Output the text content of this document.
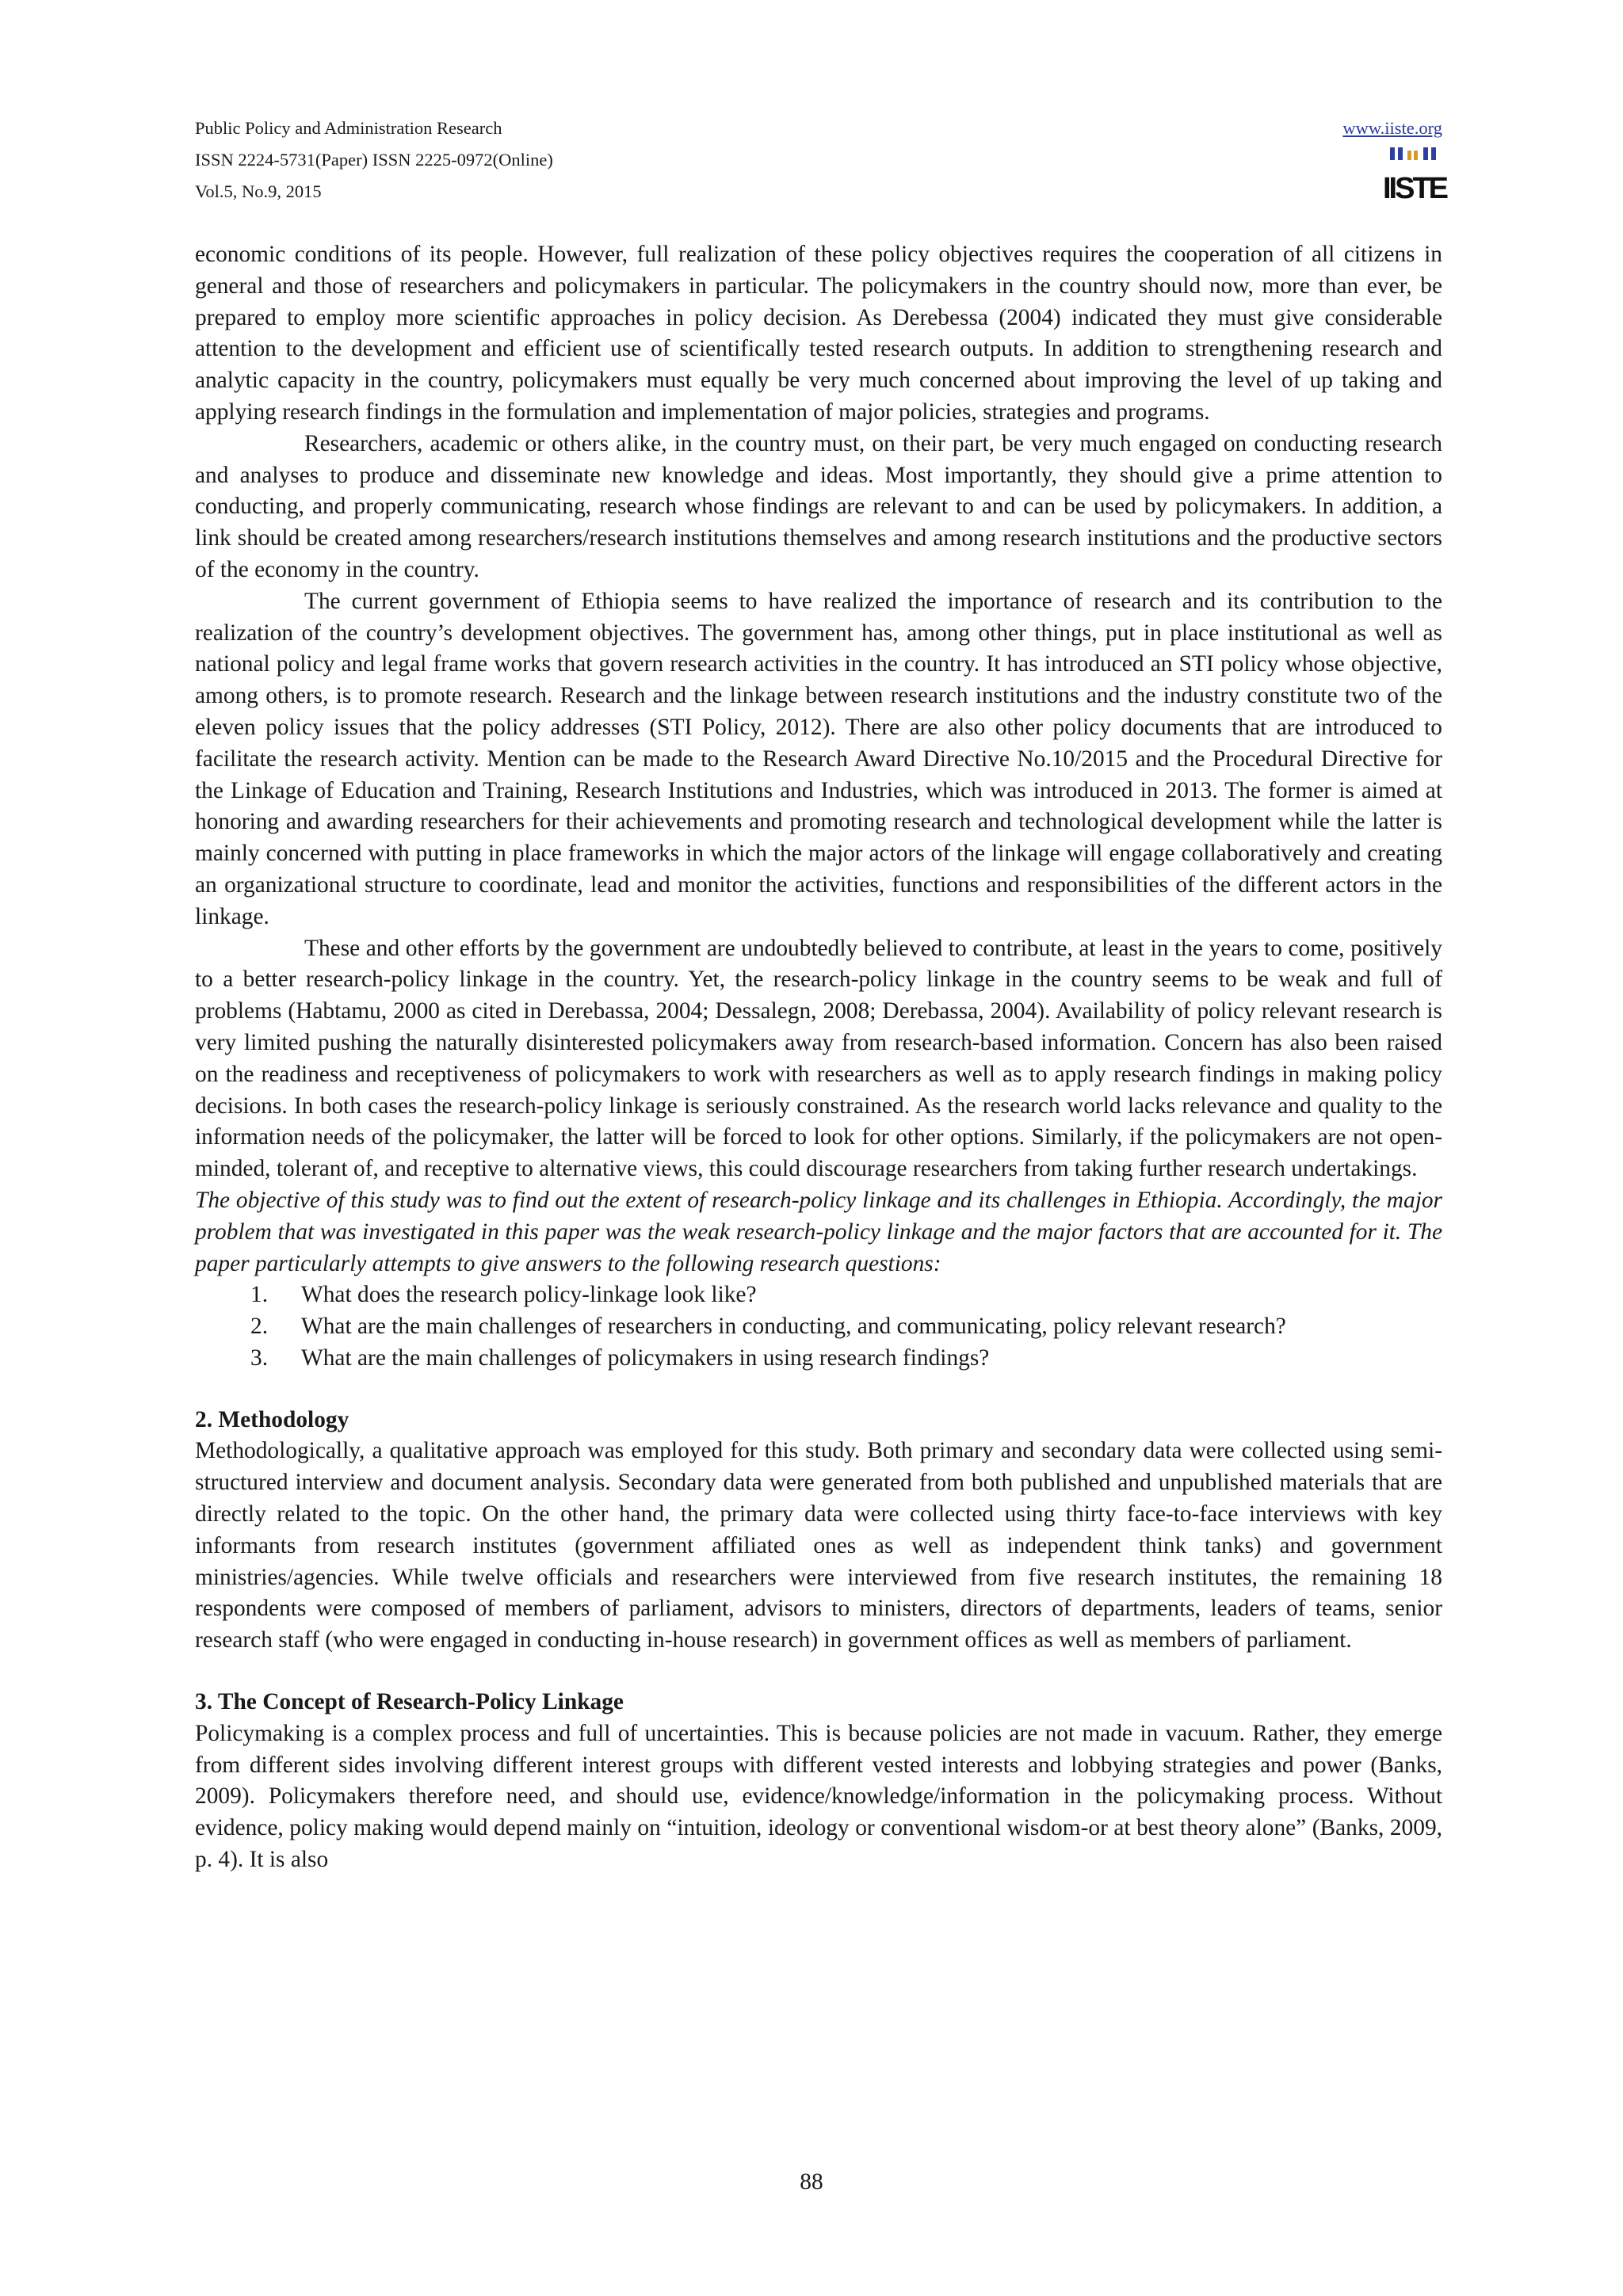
Public Policy and Administration Research
ISSN 2224-5731(Paper) ISSN 2225-0972(Online)
Vol.5, No.9, 2015
www.iiste.org
IISTE

economic conditions of its people. However, full realization of these policy objectives requires the cooperation of all citizens in general and those of researchers and policymakers in particular. The policymakers in the country should now, more than ever, be prepared to employ more scientific approaches in policy decision. As Derebessa (2004) indicated they must give considerable attention to the development and efficient use of scientifically tested research outputs. In addition to strengthening research and analytic capacity in the country, policymakers must equally be very much concerned about improving the level of up taking and applying research findings in the formulation and implementation of major policies, strategies and programs.

Researchers, academic or others alike, in the country must, on their part, be very much engaged on conducting research and analyses to produce and disseminate new knowledge and ideas. Most importantly, they should give a prime attention to conducting, and properly communicating, research whose findings are relevant to and can be used by policymakers. In addition, a link should be created among researchers/research institutions themselves and among research institutions and the productive sectors of the economy in the country.

The current government of Ethiopia seems to have realized the importance of research and its contribution to the realization of the country’s development objectives. The government has, among other things, put in place institutional as well as national policy and legal frame works that govern research activities in the country. It has introduced an STI policy whose objective, among others, is to promote research. Research and the linkage between research institutions and the industry constitute two of the eleven policy issues that the policy addresses (STI Policy, 2012). There are also other policy documents that are introduced to facilitate the research activity. Mention can be made to the Research Award Directive No.10/2015 and the Procedural Directive for the Linkage of Education and Training, Research Institutions and Industries, which was introduced in 2013. The former is aimed at honoring and awarding researchers for their achievements and promoting research and technological development while the latter is mainly concerned with putting in place frameworks in which the major actors of the linkage will engage collaboratively and creating an organizational structure to coordinate, lead and monitor the activities, functions and responsibilities of the different actors in the linkage.

These and other efforts by the government are undoubtedly believed to contribute, at least in the years to come, positively to a better research-policy linkage in the country. Yet, the research-policy linkage in the country seems to be weak and full of problems (Habtamu, 2000 as cited in Derebassa, 2004; Dessalegn, 2008; Derebassa, 2004). Availability of policy relevant research is very limited pushing the naturally disinterested policymakers away from research-based information. Concern has also been raised on the readiness and receptiveness of policymakers to work with researchers as well as to apply research findings in making policy decisions. In both cases the research-policy linkage is seriously constrained. As the research world lacks relevance and quality to the information needs of the policymaker, the latter will be forced to look for other options. Similarly, if the policymakers are not open-minded, tolerant of, and receptive to alternative views, this could discourage researchers from taking further research undertakings.

The objective of this study was to find out the extent of research-policy linkage and its challenges in Ethiopia. Accordingly, the major problem that was investigated in this paper was the weak research-policy linkage and the major factors that are accounted for it. The paper particularly attempts to give answers to the following research questions:

1. What does the research policy-linkage look like?
2. What are the main challenges of researchers in conducting, and communicating, policy relevant research?
3. What are the main challenges of policymakers in using research findings?

2. Methodology

Methodologically, a qualitative approach was employed for this study. Both primary and secondary data were collected using semi-structured interview and document analysis. Secondary data were generated from both published and unpublished materials that are directly related to the topic. On the other hand, the primary data were collected using thirty face-to-face interviews with key informants from research institutes (government affiliated ones as well as independent think tanks) and government ministries/agencies. While twelve officials and researchers were interviewed from five research institutes, the remaining 18 respondents were composed of members of parliament, advisors to ministers, directors of departments, leaders of teams, senior research staff (who were engaged in conducting in-house research) in government offices as well as members of parliament.

3. The Concept of Research-Policy Linkage

Policymaking is a complex process and full of uncertainties. This is because policies are not made in vacuum. Rather, they emerge from different sides involving different interest groups with different vested interests and lobbying strategies and power (Banks, 2009). Policymakers therefore need, and should use, evidence/knowledge/information in the policymaking process. Without evidence, policy making would depend mainly on “intuition, ideology or conventional wisdom-or at best theory alone” (Banks, 2009, p. 4). It is also

88
